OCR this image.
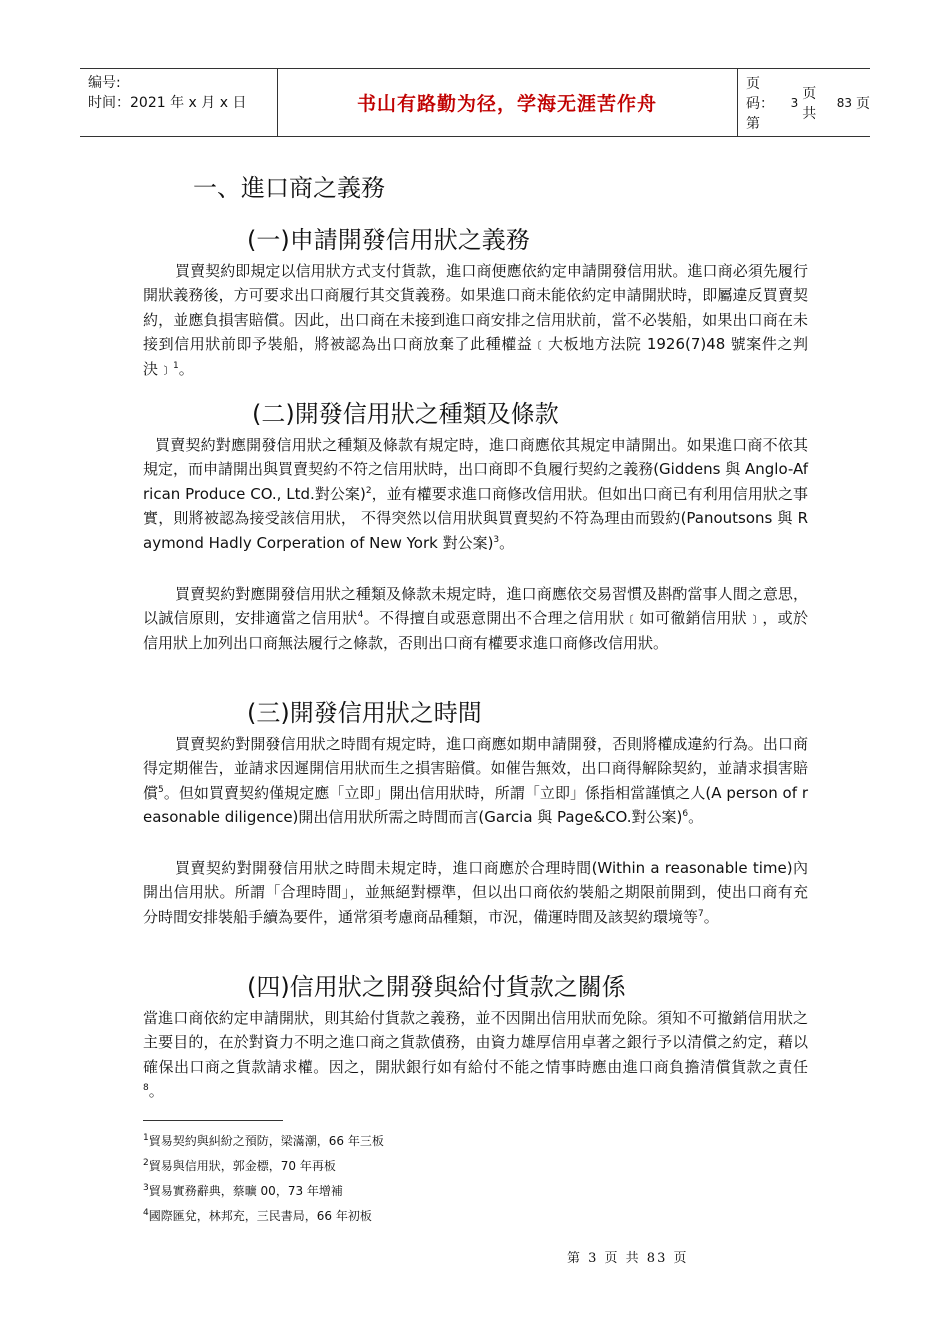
编号:
时间：2021 年 x 月 x 日	书山有路勤为径，学海无涯苦作舟
页码：第
3
页　共
83 页
一、進口商之義務
(一)申請開發信用狀之義務

買賣契約即規定以信用狀方式支付貨款，進口商便應依約定申請開發信用狀。進口商必須先履行開狀義務後，方可要求出口商履行其交貨義務。如果進口商未能依約定申請開狀時，即屬違反買賣契約，並應負損害賠償。因此，出口商在未接到進口商安排之信用狀前，當不必裝船，如果出口商在未接到信用狀前即予裝船，將被認為出口商放棄了此種權益﹝大板地方法院 1926(7)48 號案件之判決﹞$^1$。

(二)開發信用狀之種類及條款

買賣契約對應開發信用狀之種類及條款有規定時，進口商應依其規定申請開出。如果進口商不依其規定，而申請開出與買賣契約不符之信用狀時，出口商即不負履行契約之義務(Giddens 與 Anglo-African Produce CO., Ltd.對公案)$^2$，並有權要求進口商修改信用狀。但如出口商已有利用信用狀之事實，則將被認為接受該信用狀， 不得突然以信用狀與買賣契約不符為理由而毀約(Panoutsons 與 Raymond Hadly Corperation of New York 對公案)$^3$。

買賣契約對應開發信用狀之種類及條款未規定時，進口商應依交易習慣及斟酌當事人間之意思，以誠信原則，安排適當之信用狀$^4$。不得擅自或惡意開出不合理之信用狀﹝如可徹銷信用狀﹞，或於信用狀上加列出口商無法履行之條款，否則出口商有權要求進口商修改信用狀。

(三)開發信用狀之時間

買賣契約對開發信用狀之時間有規定時，進口商應如期申請開發，否則將權成違約行為。出口商得定期催告，並請求因遲開信用狀而生之損害賠償。如催告無效，出口商得解除契約，並請求損害賠償$^5$。但如買賣契約僅規定應「立即」開出信用狀時，所謂「立即」係指相當謹慎之人(A person of reasonable diligence)開出信用狀所需之時間而言(Garcia 與 Page&CO.對公案)$^6$。

買賣契約對開發信用狀之時間未規定時，進口商應於合理時間(Within a reasonable time)內開出信用狀。所謂「合理時間」，並無絕對標準，但以出口商依約裝船之期限前開到，使出口商有充分時間安排裝船手續為要件，通常須考慮商品種類，市況，備運時間及該契約環境等$^7$。

(四)信用狀之開發與給付貨款之關係

當進口商依約定申請開狀，則其給付貨款之義務，並不因開出信用狀而免除。須知不可撤銷信用狀之主要目的，在於對資力不明之進口商之貨款債務，由資力雄厚信用卓著之銀行予以清償之約定，藉以確保出口商之貨款請求權。因之，開狀銀行如有給付不能之情事時應由進口商負擔清償貨款之責任$^8$。

$^1$貿易契約與糾紛之預防，梁滿潮，66 年三板
$^2$貿易與信用狀，郭金標，70 年再板
$^3$貿易實務辭典，蔡曠 00，73 年增補
$^4$國際匯兌，林邦充，三民書局，66 年初板
第 3 页 共 83 页
